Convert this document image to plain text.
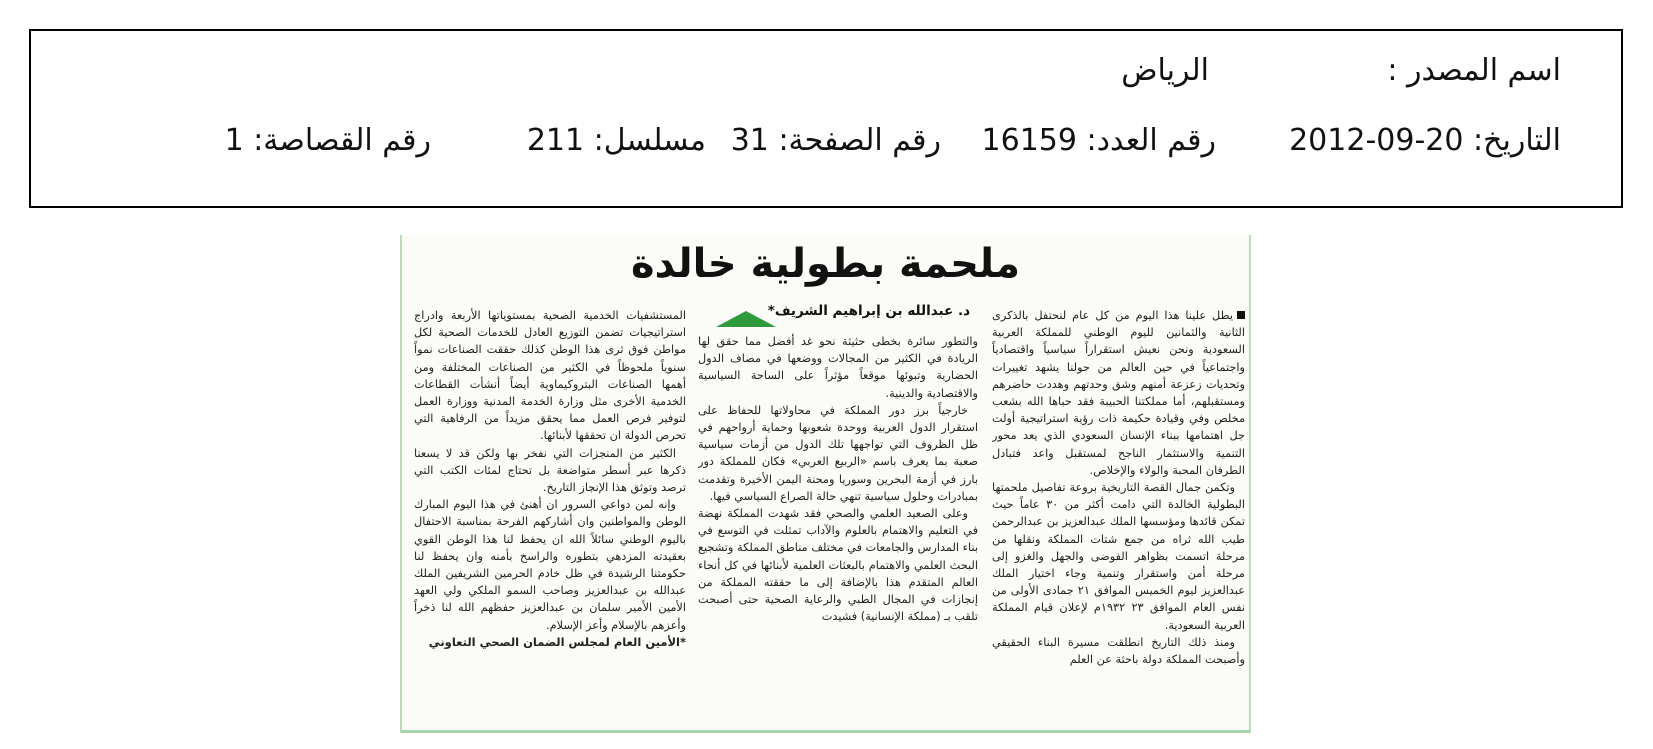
اسم المصدر :
الرياض
التاريخ: 20-09-2012
رقم العدد: 16159
رقم الصفحة: 31
مسلسل: 211
رقم القصاصة: 1
ملحمة بطولية خالدة

يطل علينا هذا اليوم من كل عام لنحتفل بالذكرى الثانية والثمانين لليوم الوطني للمملكة العربية السعودية ونحن نعيش استقراراً سياسياً واقتصادياً واجتماعياً في حين العالم من حولنا يشهد تغييرات وتحديات زعزعة أمنهم وشق وحدتهم وهددت حاضرهم ومستقبلهم، أما مملكتنا الحبيبة فقد حباها الله بشعب مخلص وفي وقيادة حكيمة ذات رؤية استراتيجية أولت جل اهتمامها ببناء الإنسان السعودي الذي يعد محور التنمية والاستثمار الناجح لمستقبل واعد فتبادل الطرفان المحبة والولاء والإخلاص.

وتكمن جمال القصة التاريخية بروعة تفاصيل ملحمتها البطولية الخالدة التي دامت أكثر من ٣٠ عاماً حيث تمكن قائدها ومؤسسها الملك عبدالعزيز بن عبدالرحمن طيب الله ثراه من جمع شتات المملكة ونقلها من مرحلة اتسمت بظواهر الفوضى والجهل والغزو إلى مرحلة أمن واستقرار وتنمية وجاء اختيار الملك عبدالعزيز ليوم الخميس الموافق ٢١ جمادى الأولى من نفس العام الموافق ٢٣ ١٩٣٢م لإعلان قيام المملكة العربية السعودية.

ومنذ ذلك التاريخ انطلقت مسيرة البناء الحقيقي وأصبحت المملكة دولة باحثة عن العلم

د. عبدالله بن إبراهيم الشريف*

والتطور سائرة بخطى حثيثة نحو غد أفضل مما حقق لها الريادة في الكثير من المجالات ووضعها في مصاف الدول الحضارية وتبوئها موقعاً مؤثراً على الساحة السياسية والاقتصادية والدينية.

خارجياً برز دور المملكة في محاولاتها للحفاظ على استقرار الدول العربية ووحدة شعوبها وحماية أرواحهم في ظل الظروف التي تواجهها تلك الدول من أزمات سياسية صعبة بما يعرف باسم «الربيع العربي» فكان للمملكة دور بارز في أزمة البحرين وسوريا ومحنة اليمن الأخيرة وتقدمت بمبادرات وحلول سياسية تنهي حالة الصراع السياسي فيها.

وعلى الصعيد العلمي والصحي فقد شهدت المملكة نهضة في التعليم والاهتمام بالعلوم والآداب تمثلت في التوسع في بناء المدارس والجامعات في مختلف مناطق المملكة وتشجيع البحث العلمي والاهتمام بالبعثات العلمية لأبنائها في كل أنحاء العالم المتقدم هذا بالإضافة إلى ما حققته المملكة من إنجازات في المجال الطبي والرعاية الصحية حتى أصبحت تلقب بـ (مملكة الإنسانية) فشيدت

المستشفيات الخدمية الصحية بمستوياتها الأربعة وادراج استراتيجيات تضمن التوزيع العادل للخدمات الصحية لكل مواطن فوق ثرى هذا الوطن كذلك حققت الصناعات نمواً سنوياً ملحوظاً في الكثير من الصناعات المختلفة ومن أهمها الصناعات البتروكيماوية أيضاً أنشأت القطاعات الخدمية الأخرى مثل وزارة الخدمة المدنية ووزارة العمل لتوفير فرص العمل مما يحقق مزيداً من الرفاهية التي تحرص الدولة ان تحققها لأبنائها.

الكثير من المنجزات التي نفخر بها ولكن قد لا يسعنا ذكرها عبر أسطر متواضعة بل تحتاج لمئات الكتب التي ترصد وتوثق هذا الإنجاز التاريخ.

وإنه لمن دواعي السرور ان أهنئ في هذا اليوم المبارك الوطن والمواطنين وان أشاركهم الفرحة بمناسبة الاحتفال باليوم الوطني سائلاً الله ان يحفظ لنا هذا الوطن القوي بعقيدته المزدهي بتطوره والراسخ بأمنه وان يحفظ لنا حكومتنا الرشيدة في ظل خادم الحرمين الشريفين الملك عبدالله بن عبدالعزيز وصاحب السمو الملكي ولي العهد الأمين الأمير سلمان بن عبدالعزيز حفظهم الله لنا ذخراً وأعزهم بالإسلام وأعز الإسلام.

*الأمين العام لمجلس الضمان الصحي التعاوني
